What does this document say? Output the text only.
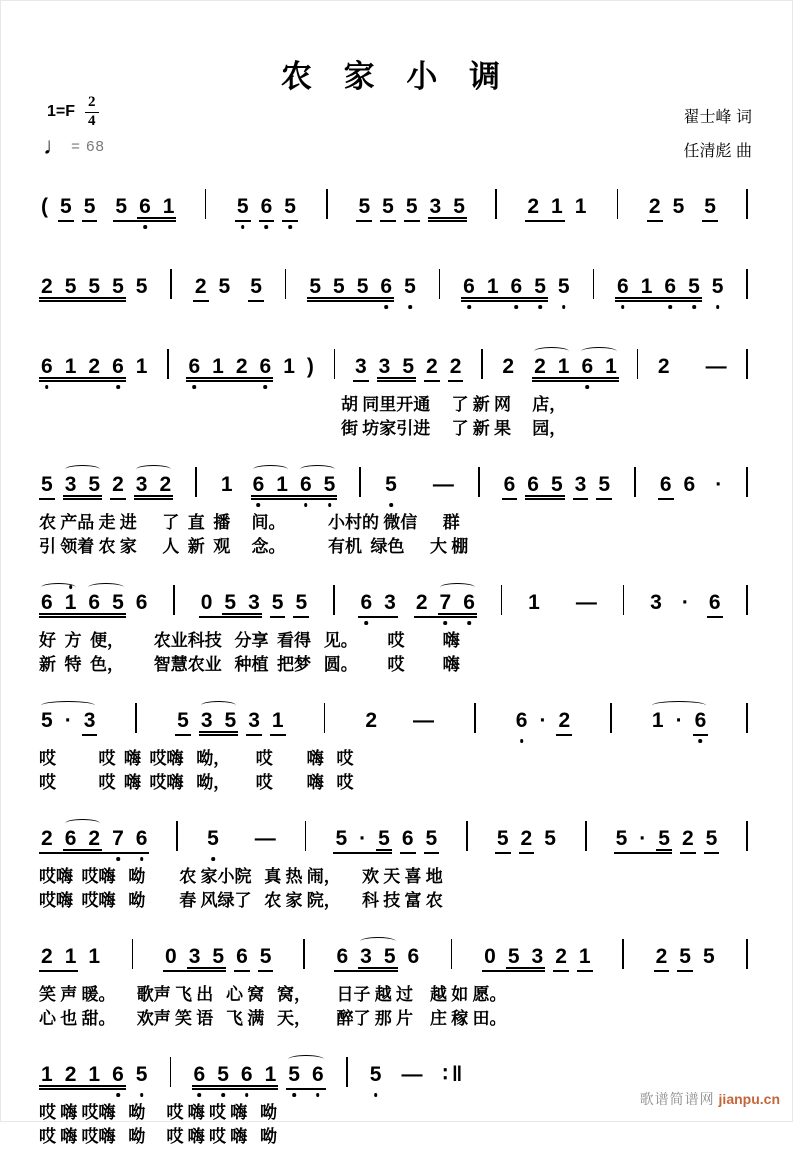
农 家 小 调
$1=F \frac{2}{4}$
♩ = 68
翟士峰 词
任清彪 曲
( 5 5 5 6 1	5 6 5	5 5 5 3 5	2 1 1	2 5 5
2 5 5 5 5 2 5 5 5 5 5 6 5 6 1 6 5 5 6 1 6 5 5
6 1 2 6 1 6 1 2 6 1 ) 3 3 5 2 2 2 2 1 6 1 2 —
胡 同里开通     了 新 网     店，
街 坊家引进     了 新 果     园，
5 3 5 2 3 2 1 6 1 6 5 5 — 6 6 5 3 5 6 6 ·
农 产品 走 进      了  直  播     间。          小村的 微信      群
引 领着 农 家      人  新  观     念。          有机  绿色      大 棚
6 1 6 5 6	0 5 3 5 5	6 3 2 7 6	1 —	3 · 6
好  方  便，       农业科技   分享  看得   见。       哎         嗨
新  特  色，       智慧农业   种植  把梦   圆。       哎         嗨
5 · 3	5 3 5 3 1	2 —	6 · 2	1 · 6
哎          哎  嗨  哎嗨   呦，      哎        嗨   哎
哎          哎  嗨  哎嗨   呦，      哎        嗨   哎
2 6 2 7 6	5 —	5 · 5 6 5	5 2 5	5 · 5 2 5
哎嗨  哎嗨   呦        农 家小院   真 热 闹，     欢 天 喜 地
哎嗨  哎嗨   呦        春 风绿了   农 家 院，     科 技 富 农
2 1 1	0 3 5 6 5	6 3 5 6	0 5 3 2 1	2 5 5
笑 声 暖。     歌声 飞 出   心 窝   窝，      日子 越 过    越 如 愿。
心 也 甜。     欢声 笑 语   飞 满   天，      醉了 那 片    庄 稼 田。
1 2 1 6 5 6 5 6 1 5 6 5 — ∶ ‖
哎 嗨 哎嗨   呦     哎 嗨 哎 嗨   呦
哎 嗨 哎嗨   呦     哎 嗨 哎 嗨   呦
歌谱简谱网 jianpu.cn
